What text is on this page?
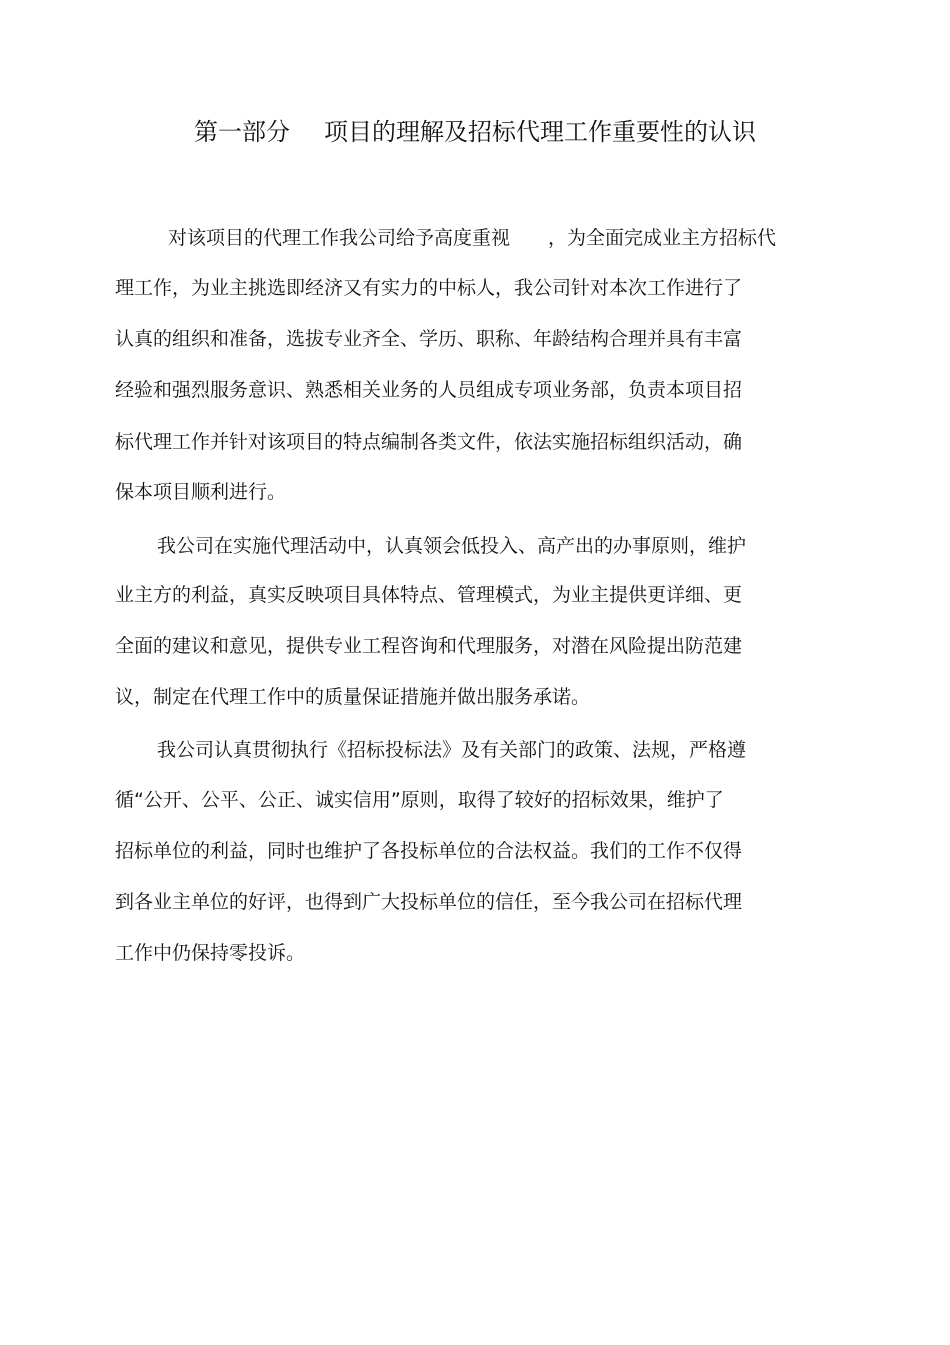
第一部分 项目的理解及招标代理工作重要性的认识
对该项目的代理工作我公司给予高度重视　　，为全面完成业主方招标代
理工作，为业主挑选即经济又有实力的中标人，我公司针对本次工作进行了
认真的组织和准备，选拔专业齐全、学历、职称、年龄结构合理并具有丰富
经验和强烈服务意识、熟悉相关业务的人员组成专项业务部，负责本项目招
标代理工作并针对该项目的特点编制各类文件，依法实施招标组织活动，确
保本项目顺利进行。
我公司在实施代理活动中，认真领会低投入、高产出的办事原则，维护
业主方的利益，真实反映项目具体特点、管理模式，为业主提供更详细、更
全面的建议和意见，提供专业工程咨询和代理服务，对潜在风险提出防范建
议，制定在代理工作中的质量保证措施并做出服务承诺。
我公司认真贯彻执行《招标投标法》及有关部门的政策、法规，严格遵
循“公开、公平、公正、诚实信用”原则，取得了较好的招标效果，维护了
招标单位的利益，同时也维护了各投标单位的合法权益。我们的工作不仅得
到各业主单位的好评，也得到广大投标单位的信任，至今我公司在招标代理
工作中仍保持零投诉。
